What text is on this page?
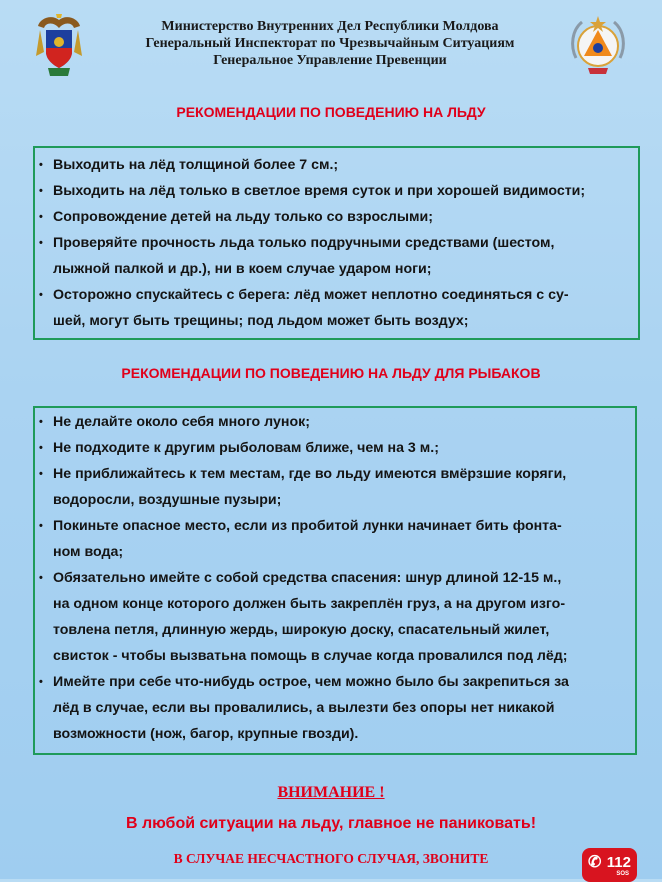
Министерство Внутренних Дел Республики Молдова
Генеральный Инспекторат по Чрезвычайным Ситуациям
Генеральное Управление Превенции
РЕКОМЕНДАЦИИ ПО ПОВЕДЕНИЮ НА ЛЬДУ
• Выходить на лёд толщиной более 7 см.;
• Выходить на лёд только в светлое время суток и при хорошей видимости;
• Сопровождение детей на льду только со взрослыми;
• Проверяйте прочность льда только подручными средствами (шестом,
лыжной палкой и др.), ни в коем случае ударом ноги;
• Осторожно спускайтесь с берега: лёд может неплотно соединяться с су-
шей, могут быть трещины; под льдом может быть воздух;
РЕКОМЕНДАЦИИ ПО ПОВЕДЕНИЮ НА ЛЬДУ ДЛЯ РЫБАКОВ
• Не делайте около себя много лунок;
• Не подходите к другим рыболовам ближе, чем на 3 м.;
• Не приближайтесь к тем местам, где во льду имеются вмёрзшие коряги,
водоросли, воздушные пузыри;
• Покиньте опасное место, если из пробитой лунки начинает бить фонта-
ном вода;
• Обязательно имейте с собой средства спасения: шнур длиной 12-15 м.,
на одном конце которого должен быть закреплён груз, а на другом изго-
товлена петля, длинную жердь, широкую доску, спасательный жилет,
свисток - чтобы вызватьна помощь в случае когда провалился под лёд;
• Имейте при себе что-нибудь острое, чем можно было бы закрепиться за
лёд в случае, если вы провалились, а вылезти без опоры нет никакой
возможности (нож, багор, крупные гвозди).
ВНИМАНИЕ !
В любой ситуации на льду, главное не паниковать!
В СЛУЧАЕ НЕСЧАСТНОГО СЛУЧАЯ, ЗВОНИТЕ	✆ 112
SOS
